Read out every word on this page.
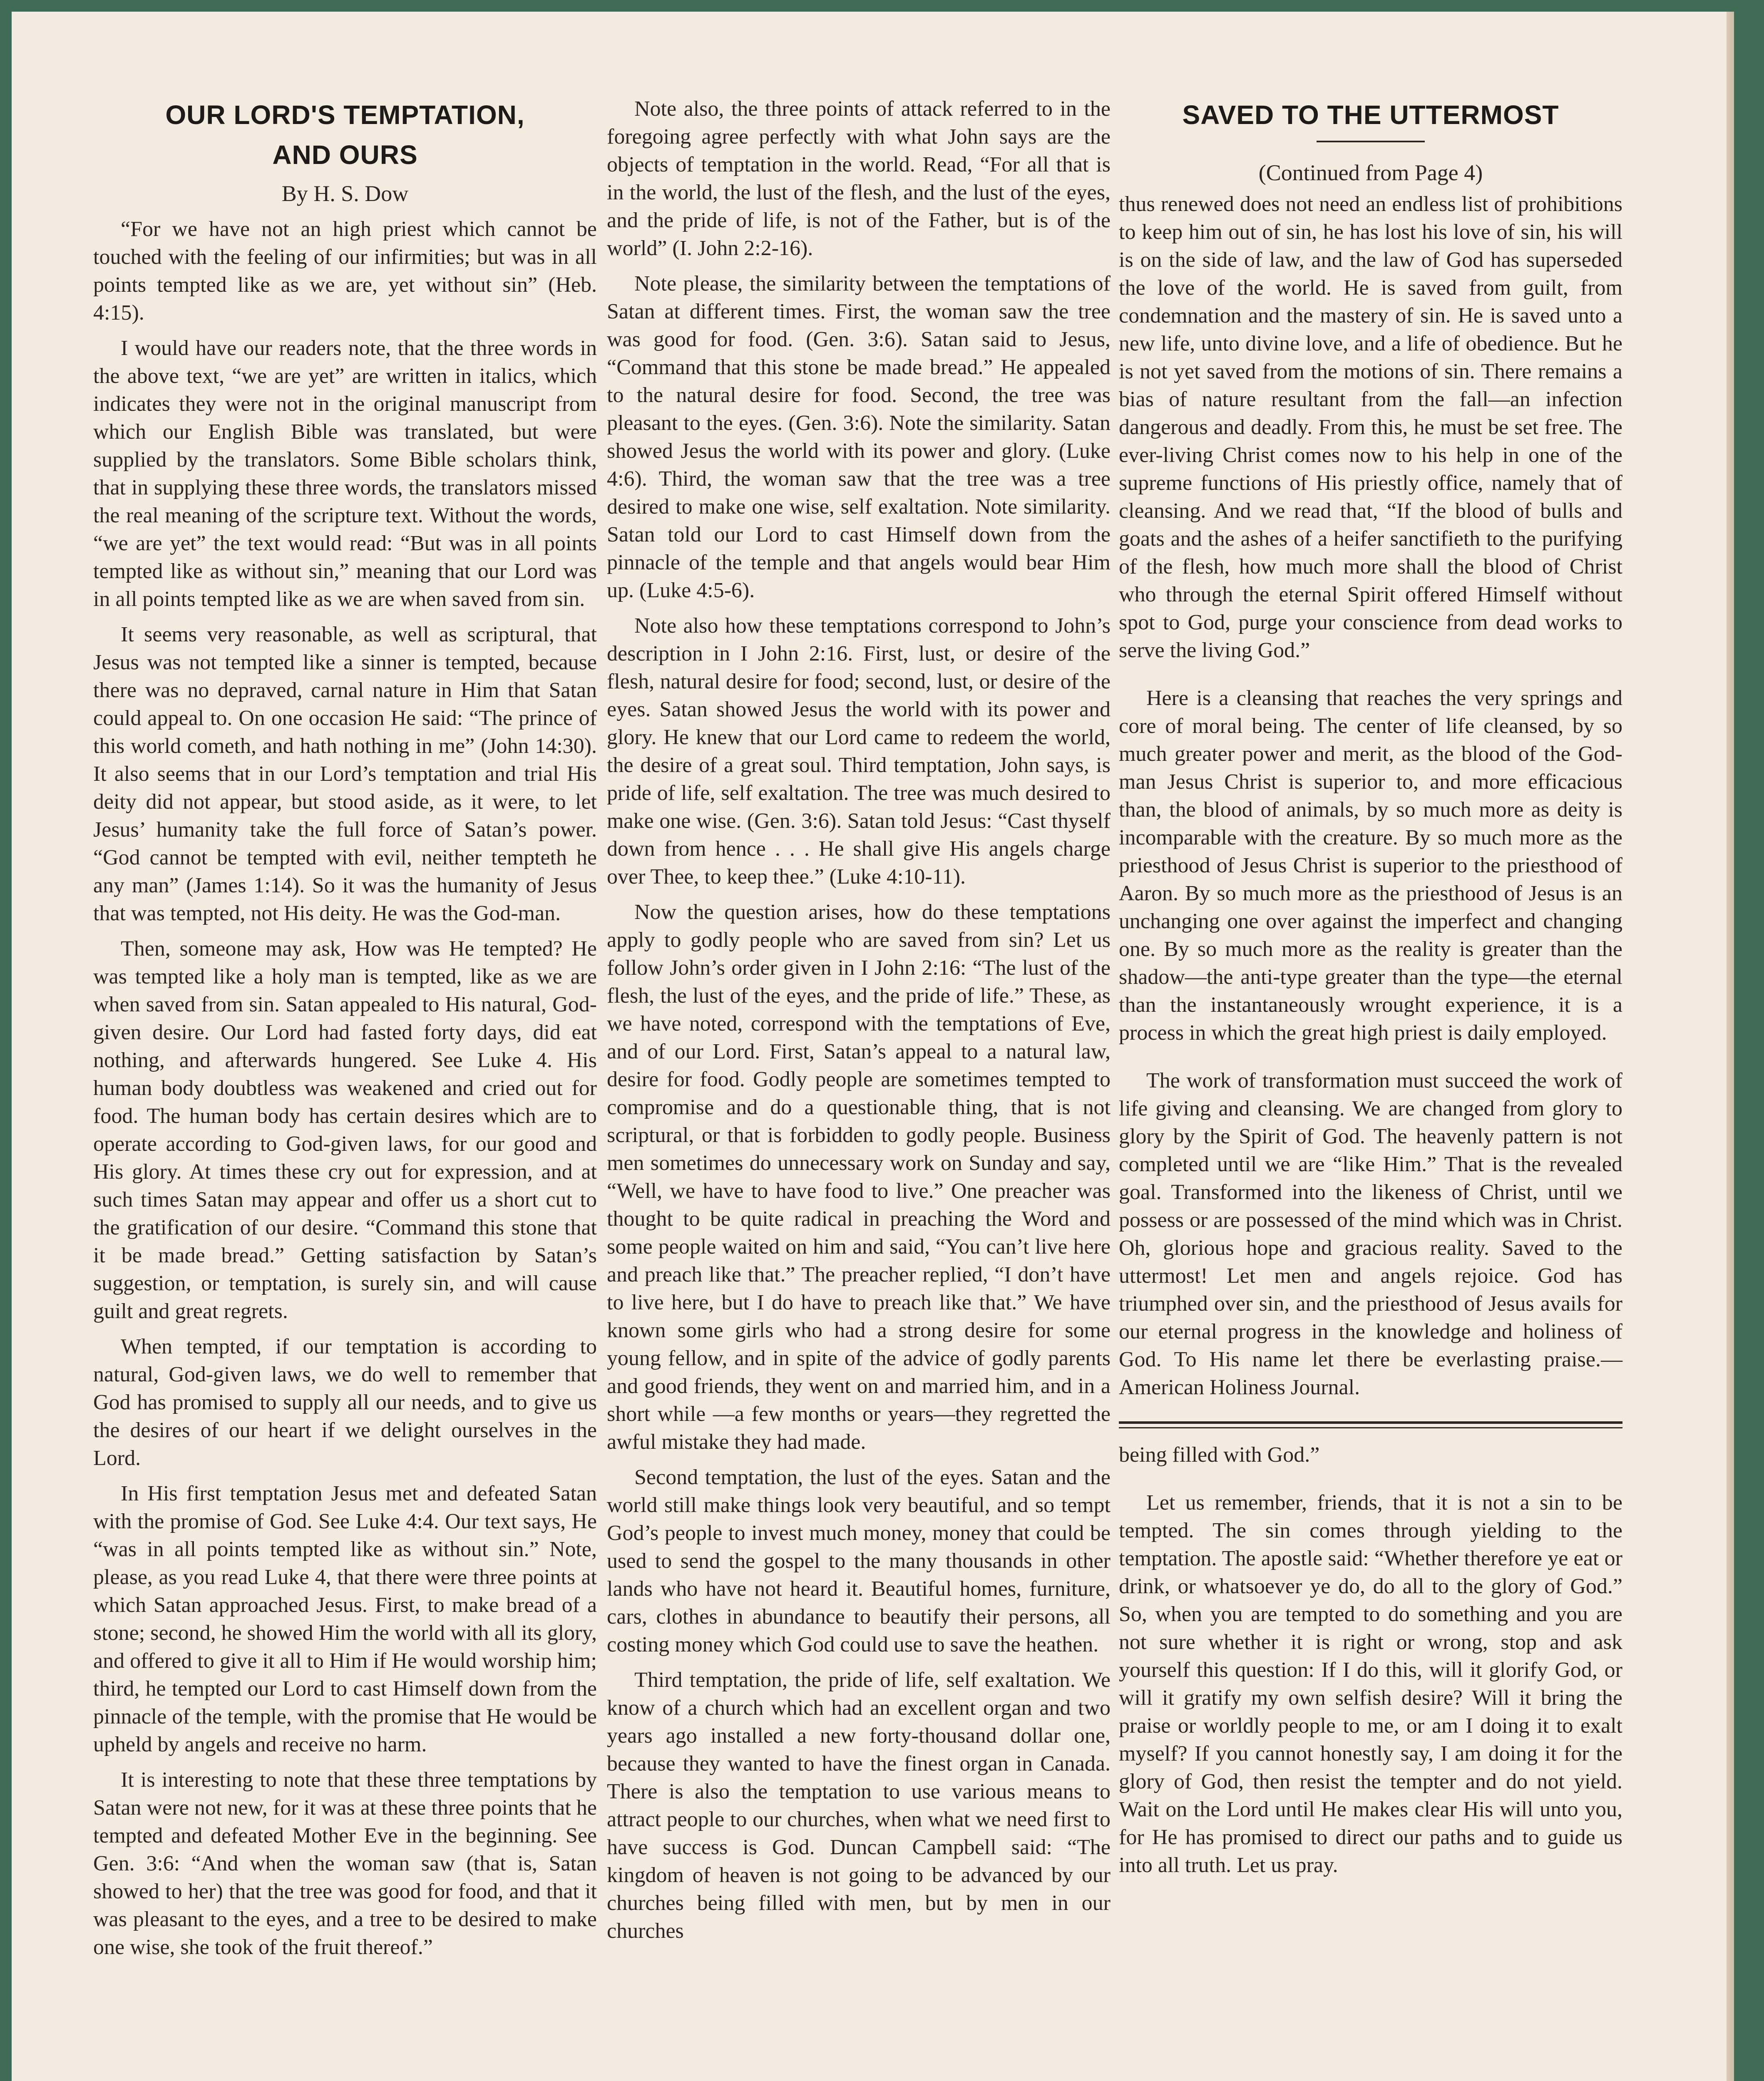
OUR LORD'S TEMPTATION,
AND OURS

By H. S. Dow

“For we have not an high priest which cannot be touched with the feeling of our infirmities; but was in all points tempted like as we are, yet without sin” (Heb. 4:15).

I would have our readers note, that the three words in the above text, “we are yet” are written in italics, which indicates they were not in the original manuscript from which our English Bible was translated, but were supplied by the translators. Some Bible scholars think, that in supplying these three words, the translators missed the real meaning of the scripture text. Without the words, “we are yet” the text would read: “But was in all points tempted like as without sin,” meaning that our Lord was in all points tempted like as we are when saved from sin.

It seems very reasonable, as well as scriptural, that Jesus was not tempted like a sinner is tempted, because there was no depraved, carnal nature in Him that Satan could appeal to. On one occasion He said: “The prince of this world cometh, and hath nothing in me” (John 14:30). It also seems that in our Lord’s temptation and trial His deity did not appear, but stood aside, as it were, to let Jesus’ humanity take the full force of Satan’s power. “God cannot be tempted with evil, neither tempteth he any man” (James 1:14). So it was the humanity of Jesus that was tempted, not His deity. He was the God-man.

Then, someone may ask, How was He tempted? He was tempted like a holy man is tempted, like as we are when saved from sin. Satan appealed to His natural, God-given desire. Our Lord had fasted forty days, did eat nothing, and afterwards hungered. See Luke 4. His human body doubtless was weakened and cried out for food. The human body has certain desires which are to operate according to God-given laws, for our good and His glory. At times these cry out for expression, and at such times Satan may appear and offer us a short cut to the gratification of our desire. “Command this stone that it be made bread.” Getting satisfaction by Satan’s suggestion, or temptation, is surely sin, and will cause guilt and great regrets.

When tempted, if our temptation is according to natural, God-given laws, we do well to remember that God has promised to supply all our needs, and to give us the desires of our heart if we delight ourselves in the Lord.

In His first temptation Jesus met and defeated Satan with the promise of God. See Luke 4:4. Our text says, He “was in all points tempted like as without sin.” Note, please, as you read Luke 4, that there were three points at which Satan approached Jesus. First, to make bread of a stone; second, he showed Him the world with all its glory, and offered to give it all to Him if He would worship him; third, he tempted our Lord to cast Himself down from the pinnacle of the temple, with the promise that He would be upheld by angels and receive no harm.

It is interesting to note that these three temptations by Satan were not new, for it was at these three points that he tempted and defeated Mother Eve in the beginning. See Gen. 3:6: “And when the woman saw (that is, Satan showed to her) that the tree was good for food, and that it was pleasant to the eyes, and a tree to be desired to make one wise, she took of the fruit thereof.”

Note also, the three points of attack referred to in the foregoing agree perfectly with what John says are the objects of temptation in the world. Read, “For all that is in the world, the lust of the flesh, and the lust of the eyes, and the pride of life, is not of the Father, but is of the world” (I. John 2:2-16).

Note please, the similarity between the temptations of Satan at different times. First, the woman saw the tree was good for food. (Gen. 3:6). Satan said to Jesus, “Command that this stone be made bread.” He appealed to the natural desire for food. Second, the tree was pleasant to the eyes. (Gen. 3:6). Note the similarity. Satan showed Jesus the world with its power and glory. (Luke 4:6). Third, the woman saw that the tree was a tree desired to make one wise, self exaltation. Note similarity. Satan told our Lord to cast Himself down from the pinnacle of the temple and that angels would bear Him up. (Luke 4:5-6).

Note also how these temptations correspond to John’s description in I John 2:16. First, lust, or desire of the flesh, natural desire for food; second, lust, or desire of the eyes. Satan showed Jesus the world with its power and glory. He knew that our Lord came to redeem the world, the desire of a great soul. Third temptation, John says, is pride of life, self exaltation. The tree was much desired to make one wise. (Gen. 3:6). Satan told Jesus: “Cast thyself down from hence . . . He shall give His angels charge over Thee, to keep thee.” (Luke 4:10-11).

Now the question arises, how do these temptations apply to godly people who are saved from sin? Let us follow John’s order given in I John 2:16: “The lust of the flesh, the lust of the eyes, and the pride of life.” These, as we have noted, correspond with the temptations of Eve, and of our Lord. First, Satan’s appeal to a natural law, desire for food. Godly people are sometimes tempted to compromise and do a questionable thing, that is not scriptural, or that is forbidden to godly people. Business men sometimes do unnecessary work on Sunday and say, “Well, we have to have food to live.” One preacher was thought to be quite radical in preaching the Word and some people waited on him and said, “You can’t live here and preach like that.” The preacher replied, “I don’t have to live here, but I do have to preach like that.” We have known some girls who had a strong desire for some young fellow, and in spite of the advice of godly parents and good friends, they went on and married him, and in a short while —a few months or years—they regretted the awful mistake they had made.

Second temptation, the lust of the eyes. Satan and the world still make things look very beautiful, and so tempt God’s people to invest much money, money that could be used to send the gospel to the many thousands in other lands who have not heard it. Beautiful homes, furniture, cars, clothes in abundance to beautify their persons, all costing money which God could use to save the heathen.

Third temptation, the pride of life, self exaltation. We know of a church which had an excellent organ and two years ago installed a new forty-thousand dollar one, because they wanted to have the finest organ in Canada. There is also the temptation to use various means to attract people to our churches, when what we need first to have success is God. Duncan Campbell said: “The kingdom of heaven is not going to be advanced by our churches being filled with men, but by men in our churches

SAVED TO THE UTTERMOST

(Continued from Page 4)

thus renewed does not need an endless list of prohibitions to keep him out of sin, he has lost his love of sin, his will is on the side of law, and the law of God has superseded the love of the world. He is saved from guilt, from condemnation and the mastery of sin. He is saved unto a new life, unto divine love, and a life of obedience. But he is not yet saved from the motions of sin. There remains a bias of nature resultant from the fall—an infection dangerous and deadly. From this, he must be set free. The ever-living Christ comes now to his help in one of the supreme functions of His priestly office, namely that of cleansing. And we read that, “If the blood of bulls and goats and the ashes of a heifer sanctifieth to the purifying of the flesh, how much more shall the blood of Christ who through the eternal Spirit offered Himself without spot to God, purge your conscience from dead works to serve the living God.”

Here is a cleansing that reaches the very springs and core of moral being. The center of life cleansed, by so much greater power and merit, as the blood of the God-man Jesus Christ is superior to, and more efficacious than, the blood of animals, by so much more as deity is incomparable with the creature. By so much more as the priesthood of Jesus Christ is superior to the priesthood of Aaron. By so much more as the priesthood of Jesus is an unchanging one over against the imperfect and changing one. By so much more as the reality is greater than the shadow—the anti-type greater than the type—the eternal than the instantaneously wrought experience, it is a process in which the great high priest is daily employed.

The work of transformation must succeed the work of life giving and cleansing. We are changed from glory to glory by the Spirit of God. The heavenly pattern is not completed until we are “like Him.” That is the revealed goal. Transformed into the likeness of Christ, until we possess or are possessed of the mind which was in Christ. Oh, glorious hope and gracious reality. Saved to the uttermost! Let men and angels rejoice. God has triumphed over sin, and the priesthood of Jesus avails for our eternal progress in the knowledge and holiness of God. To His name let there be everlasting praise.—American Holiness Journal.

being filled with God.”

Let us remember, friends, that it is not a sin to be tempted. The sin comes through yielding to the temptation. The apostle said: “Whether therefore ye eat or drink, or whatsoever ye do, do all to the glory of God.” So, when you are tempted to do something and you are not sure whether it is right or wrong, stop and ask yourself this question: If I do this, will it glorify God, or will it gratify my own selfish desire? Will it bring the praise or worldly people to me, or am I doing it to exalt myself? If you cannot honestly say, I am doing it for the glory of God, then resist the tempter and do not yield. Wait on the Lord until He makes clear His will unto you, for He has promised to direct our paths and to guide us into all truth. Let us pray.
